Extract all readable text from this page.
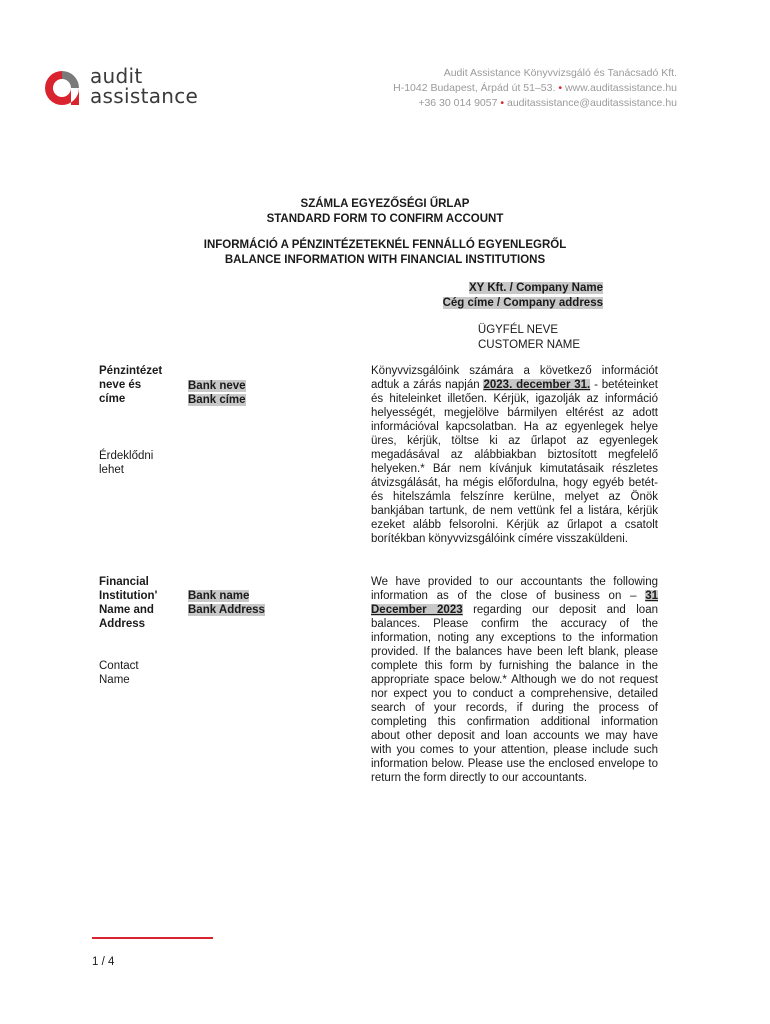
audit
assistance
Audit Assistance Könyvvizsgáló és Tanácsadó Kft.
H-1042 Budapest, Árpád út 51–53. • www.auditassistance.hu
+36 30 014 9057 • auditassistance@auditassistance.hu
SZÁMLA EGYEZŐSÉGI ŰRLAP
STANDARD FORM TO CONFIRM ACCOUNT
INFORMÁCIÓ A PÉNZINTÉZETEKNÉL FENNÁLLÓ EGYENLEGRŐL
BALANCE INFORMATION WITH FINANCIAL INSTITUTIONS
XY Kft. / Company Name
Cég címe / Company address
ÜGYFÉL NEVE
CUSTOMER NAME
Pénzintézet
neve és
címe
Bank neve
Bank címe
Érdeklődni
lehet
Könyvvizsgálóink számára a következő információt adtuk a zárás napján 2023. december 31. - betéteinket és hiteleinket illetően. Kérjük, igazolják az információ helyességét, megjelölve bármilyen eltérést az adott információval kapcsolatban. Ha az egyenlegek helye üres, kérjük, töltse ki az űrlapot az egyenlegek megadásával az alábbiakban biztosított megfelelő helyeken.* Bár nem kívánjuk kimutatásaik részletes átvizsgálását, ha mégis előfordulna, hogy egyéb betét- és hitelszámla felszínre kerülne, melyet az Önök bankjában tartunk, de nem vettünk fel a listára, kérjük ezeket alább felsorolni. Kérjük az űrlapot a csatolt borítékban könyvvizsgálóink címére visszaküldeni.
Financial
Institution'
Name and
Address
Bank name
Bank Address
Contact
Name
We have provided to our accountants the following information as of the close of business on – 31 December 2023 regarding our deposit and loan balances. Please confirm the accuracy of the information, noting any exceptions to the information provided. If the balances have been left blank, please complete this form by furnishing the balance in the appropriate space below.* Although we do not request nor expect you to conduct a comprehensive, detailed search of your records, if during the process of completing this confirmation additional information about other deposit and loan accounts we may have with you comes to your attention, please include such information below. Please use the enclosed envelope to return the form directly to our accountants.
1 / 4
